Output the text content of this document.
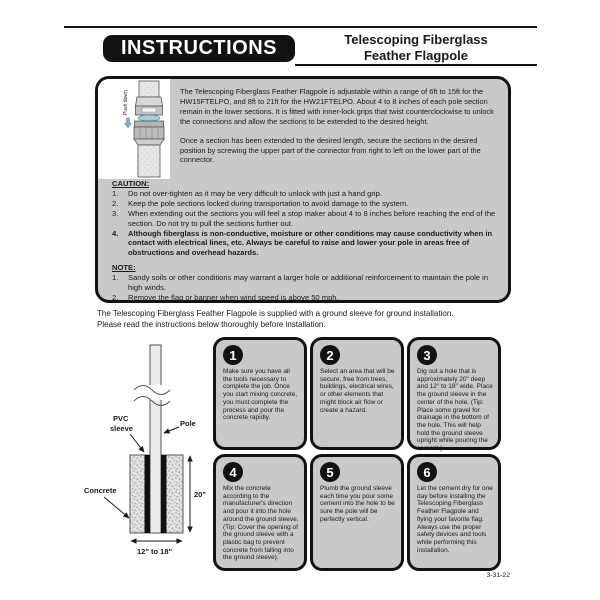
INSTRUCTIONS	Telescoping Fiberglass
Feather Flagpole
Push down	The Telescoping Fiberglass Feather Flagpole is adjustable within a range of 6ft to 15ft for the HW15FTELPO, and 8ft to 21ft for the HW21FTELPO. About 4 to 8 inches of each pole section remain in the lower sections. It is fitted with inner-lock grips that twist counterclockwise to unlock the connections and allow the sections to be extended to the desired height.

Once a section has been extended to the desired length, secure the sections in the desired position by screwing the upper part of the connector from right to left on the lower part of the connector.

CAUTION:
1.	Do not over-tighten as it may be very difficult to unlock with just a hand grip.
2.	Keep the pole sections locked during transportation to avoid damage to the system.
3.	When extending out the sections you will feel a stop maker about 4 to 8 inches before reaching the end of the section. Do not try to pull the sections further out.
4.	Although fiberglass is non-conductive, moisture or other conditions may cause conductivity when in contact with electrical lines, etc. Always be careful to raise and lower your pole in areas free of obstructions and overhead hazards.
NOTE:
1.	Sandy soils or other conditions may warrant a larger hole or additional reinforcement to maintain the pole in high winds.
2.	Remove the flag or banner when wind speed is above 50 mph.
The Telescoping Fiberglass Feather Flagpole is supplied with a ground sleeve for ground installation.
Please read the instructions below thoroughly before installation.
PVC
sleeve
Pole
Concrete	20"
12" to 18"
1
Make sure you have all the tools necessary to complete the job. Once you start mixing concrete, you must complete the process and pour the concrete rapidly.
2
Select an area that will be secure, free from trees, buildings, electrical wires, or other elements that might block air flow or create a hazard.
3
Dig out a hole that is approximately 20" deep and 12" to 18" wide. Place the ground sleeve in the center of the hole. (Tip: Place some gravel for drainage in the bottom of the hole. This will help hold the ground sleeve upright while pouring the cement.)
4
Mix the concrete according to the manufacturer's direction and pour it into the hole around the ground sleeve. (Tip: Cover the opening of the ground sleeve with a plastic bag to prevent concrete from falling into the ground sleeve).
5
Plumb the ground sleeve each time you pour some cement into the hole to be sure the pole will be perfectly vertical.
6
Let the cement dry for one day before installing the Telescoping Fiberglass Feather Flagpole and flying your favorite flag. Always use the proper safety devices and tools while performing this installation.
3-31-22
